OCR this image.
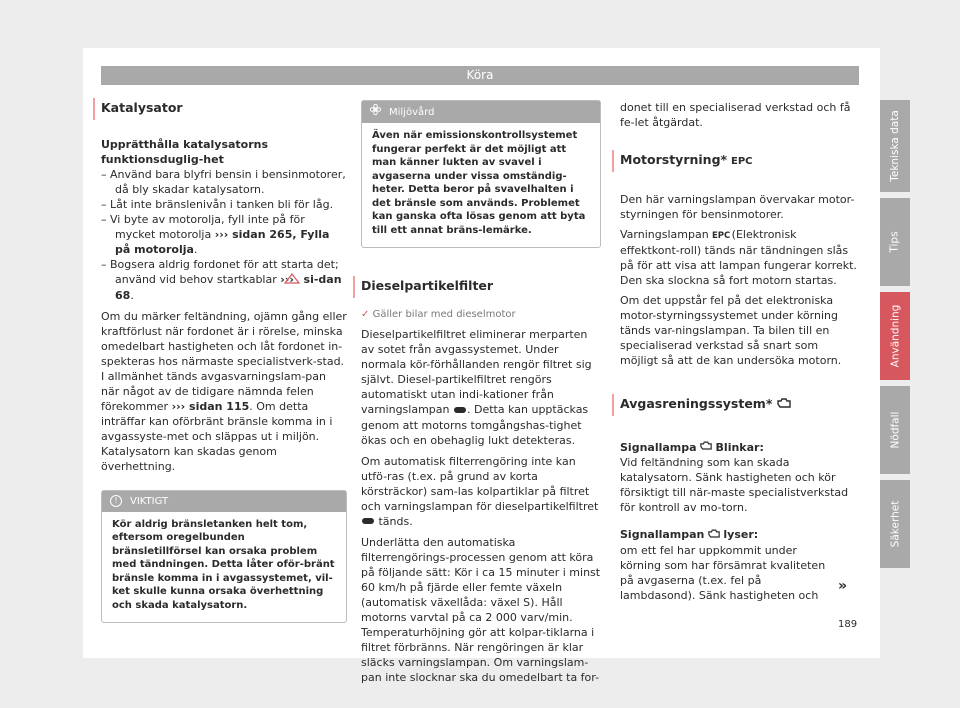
Köra
Katalysator

Upprätthålla katalysatorns funktionsduglig-het

– Använd bara blyfri bensin i bensinmotorer, då bly skadar katalysatorn.
– Låt inte bränslenivån i tanken bli för låg.
– Vi byte av motorolja, fyll inte på för mycket motorolja ››› sidan 265, Fylla på motorolja.
– Bogsera aldrig fordonet för att starta det; använd vid behov startkablar ›››  si-dan 68.

Om du märker feltändning, ojämn gång eller kraftförlust när fordonet är i rörelse, minska omedelbart hastigheten och låt fordonet in-spekteras hos närmaste specialistverk-stad. I allmänhet tänds avgasvarningslam-pan när något av de tidigare nämnda felen förekommer ››› sidan 115. Om detta inträffar kan oförbränt bränsle komma in i avgassyste-met och släppas ut i miljön. Katalysatorn kan skadas genom överhettning.

!	VIKTIGT
Kör aldrig bränsletanken helt tom, eftersom oregelbunden bränsletillförsel kan orsaka problem med tändningen. Detta låter oför-bränt bränsle komma in i avgassystemet, vil-ket skulle kunna orsaka överhettning och skada katalysatorn.
Miljövård
Även när emissionskontrollsystemet fungerar perfekt är det möjligt att man känner lukten av svavel i avgaserna under vissa omständig-heter. Detta beror på svavelhalten i det bränsle som används. Problemet kan ganska ofta lösas genom att byta till ett annat bräns-lemärke.
Dieselpartikelfilter

✓ Gäller bilar med dieselmotor

Dieselpartikelfiltret eliminerar merparten av sotet från avgassystemet. Under normala kör-förhållanden rengör filtret sig självt. Diesel-partikelfiltret rengörs automatiskt utan indi-kationer från varningslampan . Detta kan upptäckas genom att motorns tomgångshas-tighet ökas och en obehaglig lukt detekteras.

Om automatisk filterrengöring inte kan utfö-ras (t.ex. på grund av korta körsträckor) sam-las kolpartiklar på filtret och varningslampan för dieselpartikelfiltret  tänds.

Underlätta den automatiska filterrengörings-processen genom att köra på följande sätt: Kör i ca 15 minuter i minst 60 km/h på fjärde eller femte växeln (automatisk växellåda: växel S). Håll motorns varvtal på ca 2 000 varv/min. Temperaturhöjning gör att kolpar-tiklarna i filtret förbränns. När rengöringen är klar släcks varningslampan. Om varningslam-pan inte slocknar ska du omedelbart ta for-

donet till en specialiserad verkstad och få fe-let åtgärdat.

Motorstyrning* EPC

Den här varningslampan övervakar motor-styrningen för bensinmotorer.

Varningslampan EPC
(Elektronisk effektkont-roll) tänds när tändningen slås på för att visa att lampan fungerar korrekt. Den ska slockna så fort motorn startas.

Om det uppstår fel på det elektroniska motor-styrningssystemet under körning tänds var-ningslampan. Ta bilen till en specialiserad verkstad så snart som möjligt så att de kan undersöka motorn.

Avgasreningssystem*

Signallampa Blinkar:

Vid feltändning som kan skada katalysatorn. Sänk hastigheten och kör försiktigt till när-maste specialistverkstad för kontroll av mo-torn.

Signallampan lyser:

om ett fel har uppkommit under körning som har försämrat kvaliteten på avgaserna (t.ex. fel på lambdasond). Sänk hastigheten och

»
189
Tekniska data
Tips
Användning
Nödfall
Säkerhet
